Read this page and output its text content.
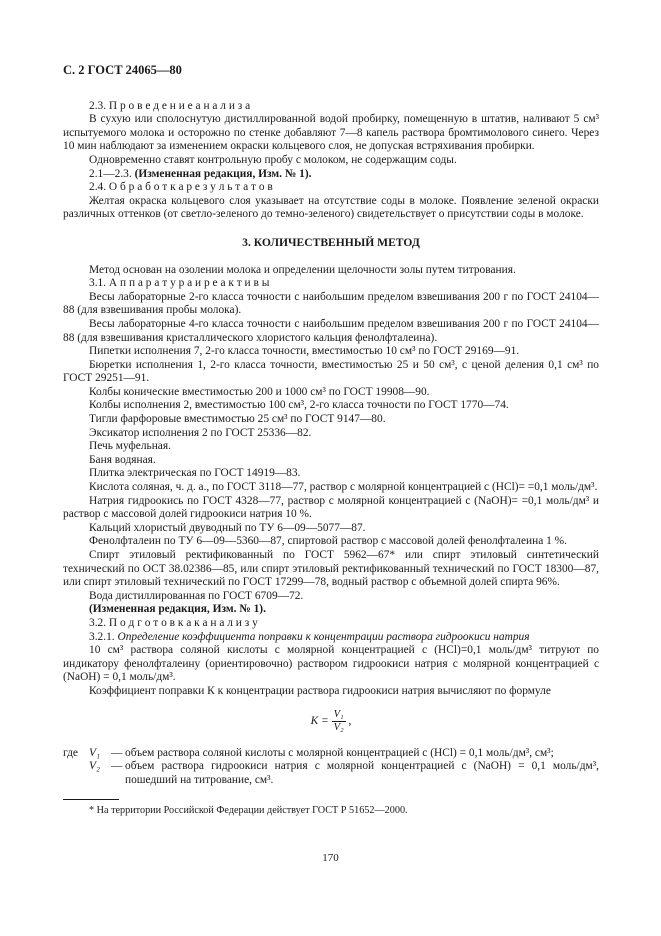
С. 2 ГОСТ 24065—80

2.3. П р о в е д е н и е а н а л и з а

В сухую или сполоснутую дистиллированной водой пробирку, помещенную в штатив, наливают 5 см³ испытуемого молока и осторожно по стенке добавляют 7—8 капель раствора бромтимолового синего. Через 10 мин наблюдают за изменением окраски кольцевого слоя, не допуская встряхивания пробирки.

Одновременно ставят контрольную пробу с молоком, не содержащим соды.

2.1—2.3. (Измененная редакция, Изм. № 1).

2.4. О б р а б о т к а р е з у л ь т а т о в

Желтая окраска кольцевого слоя указывает на отсутствие соды в молоке. Появление зеленой окраски различных оттенков (от светло-зеленого до темно-зеленого) свидетельствует о присутствии соды в молоке.

3. КОЛИЧЕСТВЕННЫЙ МЕТОД

Метод основан на озолении молока и определении щелочности золы путем титрования.

3.1. А п п а р а т у р а и р е а к т и в ы

Весы лабораторные 2-го класса точности с наибольшим пределом взвешивания 200 г по ГОСТ 24104—88 (для взвешивания пробы молока).

Весы лабораторные 4-го класса точности с наибольшим пределом взвешивания 200 г по ГОСТ 24104—88 (для взвешивания кристаллического хлористого кальция фенолфталеина).

Пипетки исполнения 7, 2-го класса точности, вместимостью 10 см³ по ГОСТ 29169—91.

Бюретки исполнения 1, 2-го класса точности, вместимостью 25 и 50 см³, с ценой деления 0,1 см³ по ГОСТ 29251—91.

Колбы конические вместимостью 200 и 1000 см³ по ГОСТ 19908—90.

Колбы исполнения 2, вместимостью 100 см³, 2-го класса точности по ГОСТ 1770—74.

Тигли фарфоровые вместимостью 25 см³ по ГОСТ 9147—80.

Эксикатор исполнения 2 по ГОСТ 25336—82.

Печь муфельная.

Баня водяная.

Плитка электрическая по ГОСТ 14919—83.

Кислота соляная, ч. д. а., по ГОСТ 3118—77, раствор с молярной концентрацией с (HCl)= =0,1 моль/дм³.

Натрия гидроокись по ГОСТ 4328—77, раствор с молярной концентрацией с (NaOH)= =0,1 моль/дм³ и раствор с массовой долей гидроокиси натрия 10 %.

Кальций хлористый двуводный по ТУ 6—09—5077—87.

Фенолфталеин по ТУ 6—09—5360—87, спиртовой раствор с массовой долей фенолфталеина 1 %.

Спирт этиловый ректификованный по ГОСТ 5962—67* или спирт этиловый синтетический технический по ОСТ 38.02386—85, или спирт этиловый ректификованный технический по ГОСТ 18300—87, или спирт этиловый технический по ГОСТ 17299—78, водный раствор с объемной долей спирта 96%.

Вода дистиллированная по ГОСТ 6709—72.

(Измененная редакция, Изм. № 1).

3.2. П о д г о т о в к а к а н а л и з у

3.2.1. Определение коэффициента поправки к концентрации раствора гидроокиси натрия

10 см³ раствора соляной кислоты с молярной концентрацией с (HCl)=0,1 моль/дм³ титруют по индикатору фенолфталеину (ориентировочно) раствором гидроокиси натрия с молярной концентрацией с (NaOH) = 0,1 моль/дм³.

Коэффициент поправки К к концентрации раствора гидроокиси натрия вычисляют по формуле

$K = \frac{\text{V₁}}{\text{V₂}}$ ,
где V₁ — объем раствора соляной кислоты с молярной концентрацией с (HCl) = 0,1 моль/дм³, см³;
V₂ — объем раствора гидроокиси натрия с молярной концентрацией с (NaOH) = 0,1 моль/дм³, пошедший на титрование, см³.

* На территории Российской Федерации действует ГОСТ Р 51652—2000.

170
